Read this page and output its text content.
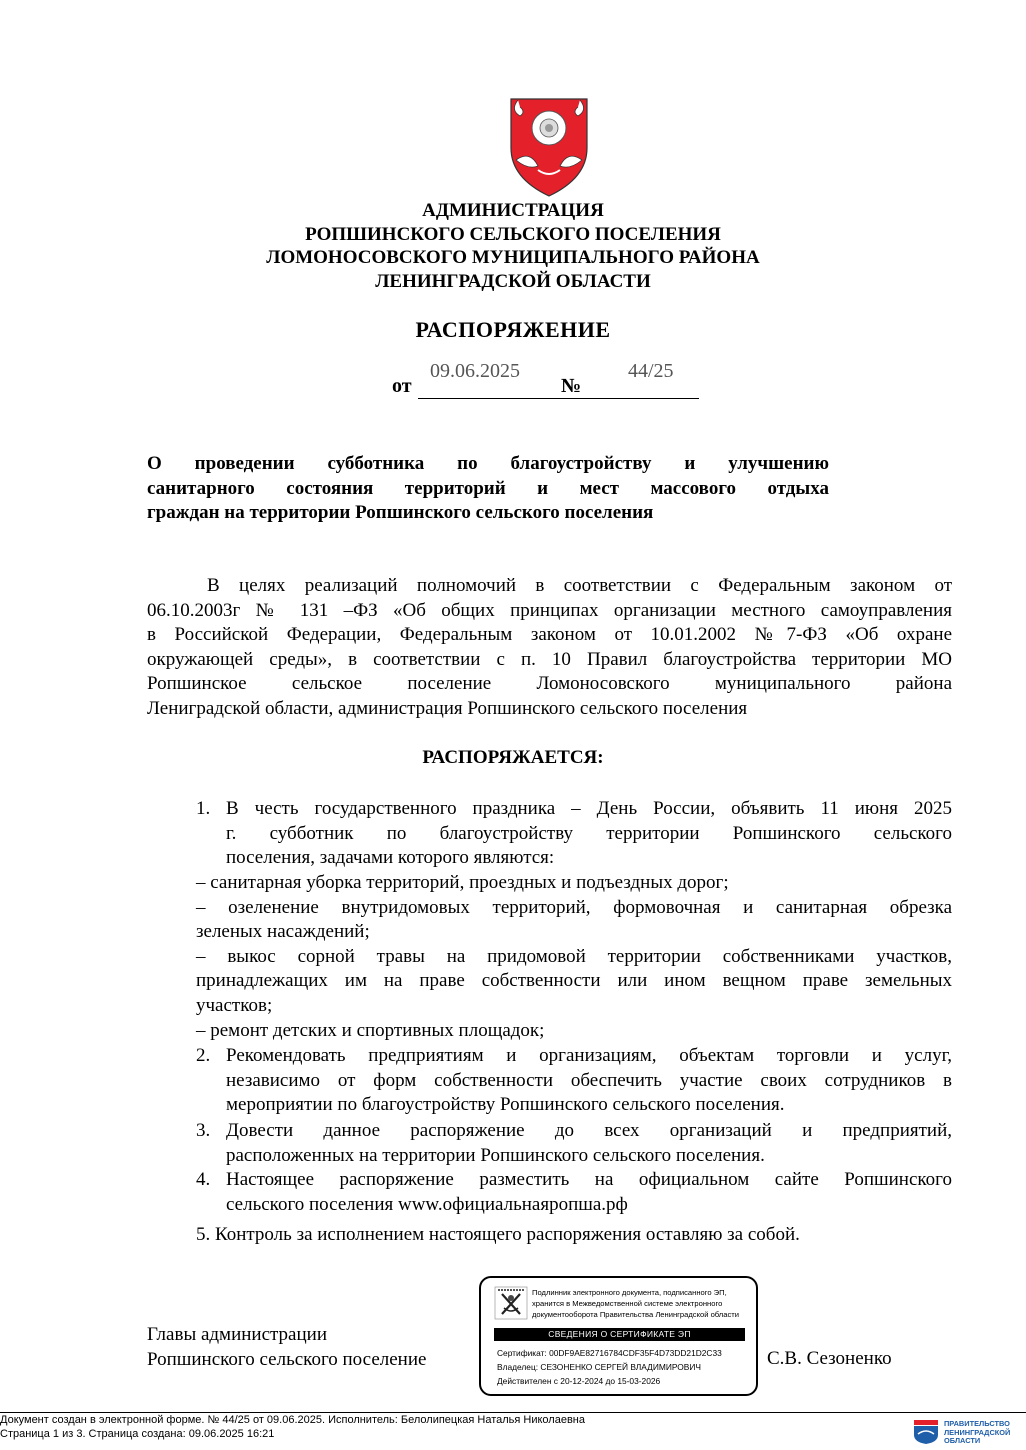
АДМИНИСТРАЦИЯ
РОПШИНСКОГО СЕЛЬСКОГО ПОСЕЛЕНИЯ
ЛОМОНОСОВСКОГО МУНИЦИПАЛЬНОГО РАЙОНА
ЛЕНИНГРАДСКОЙ ОБЛАСТИ
РАСПОРЯЖЕНИЕ
от
09.06.2025
№
44/25
О проведении субботника по благоустройству и улучшению
санитарного состояния территорий и мест массового отдыха
граждан на территории Ропшинского сельского поселения
В целях реализаций полномочий в соответствии с Федеральным законом от
06.10.2003г № 131 –ФЗ «Об общих принципах организации местного самоуправления
в Российской Федерации, Федеральным законом от 10.01.2002 №7-ФЗ «Об охране
окружающей среды», в соответствии с п. 10 Правил благоустройства территории МО
Ропшинское сельское поселение Ломоносовского муниципального района
Лениградской области, администрация Ропшинского сельского поселения
РАСПОРЯЖАЕТСЯ:
1. В честь государственного праздника – День России, объявить 11 июня 2025
г. субботник по благоустройству территории Ропшинского сельского
поселения, задачами которого являются:
– санитарная уборка территорий, проездных и подъездных дорог;
– озеленение внутридомовых территорий, формовочная и санитарная обрезка
зеленых насаждений;
– выкос сорной травы на придомовой территории собственниками участков,
принадлежащих им на праве собственности или ином вещном праве земельных
участков;
– ремонт детских и спортивных площадок;
2. Рекомендовать предприятиям и организациям, объектам торговли и услуг,
независимо от форм собственности обеспечить участие своих сотрудников в
мероприятии по благоустройству Ропшинского сельского поселения.
3. Довести данное распоряжение до всех организаций и предприятий,
расположенных на территории Ропшинского сельского поселения.
4. Настоящее распоряжение разместить на официальном сайте Ропшинского
сельского поселения www.официальнаяропша.рф
5. Контроль за исполнением настоящего распоряжения оставляю за собой.
Главы администрации
Ропшинского сельского поселение
Подлинник электронного документа, подписанного ЭП,
хранится в Межведомственной системе электронного
документооборота Правительства Ленинградской области
СВЕДЕНИЯ О СЕРТИФИКАТЕ ЭП
Сертификат: 00DF9AE82716784CDF35F4D73DD21D2C33
Владелец: СЕЗОНЕНКО СЕРГЕЙ ВЛАДИМИРОВИЧ
Действителен с 20-12-2024 до 15-03-2026
С.В. Сезоненко
Документ создан в электронной форме. № 44/25 от 09.06.2025. Исполнитель: Белолипецкая Наталья Николаевна
Страница 1 из 3. Страница создана: 09.06.2025 16:21
ПРАВИТЕЛЬСТВО
ЛЕНИНГРАДСКОЙ
ОБЛАСТИ
